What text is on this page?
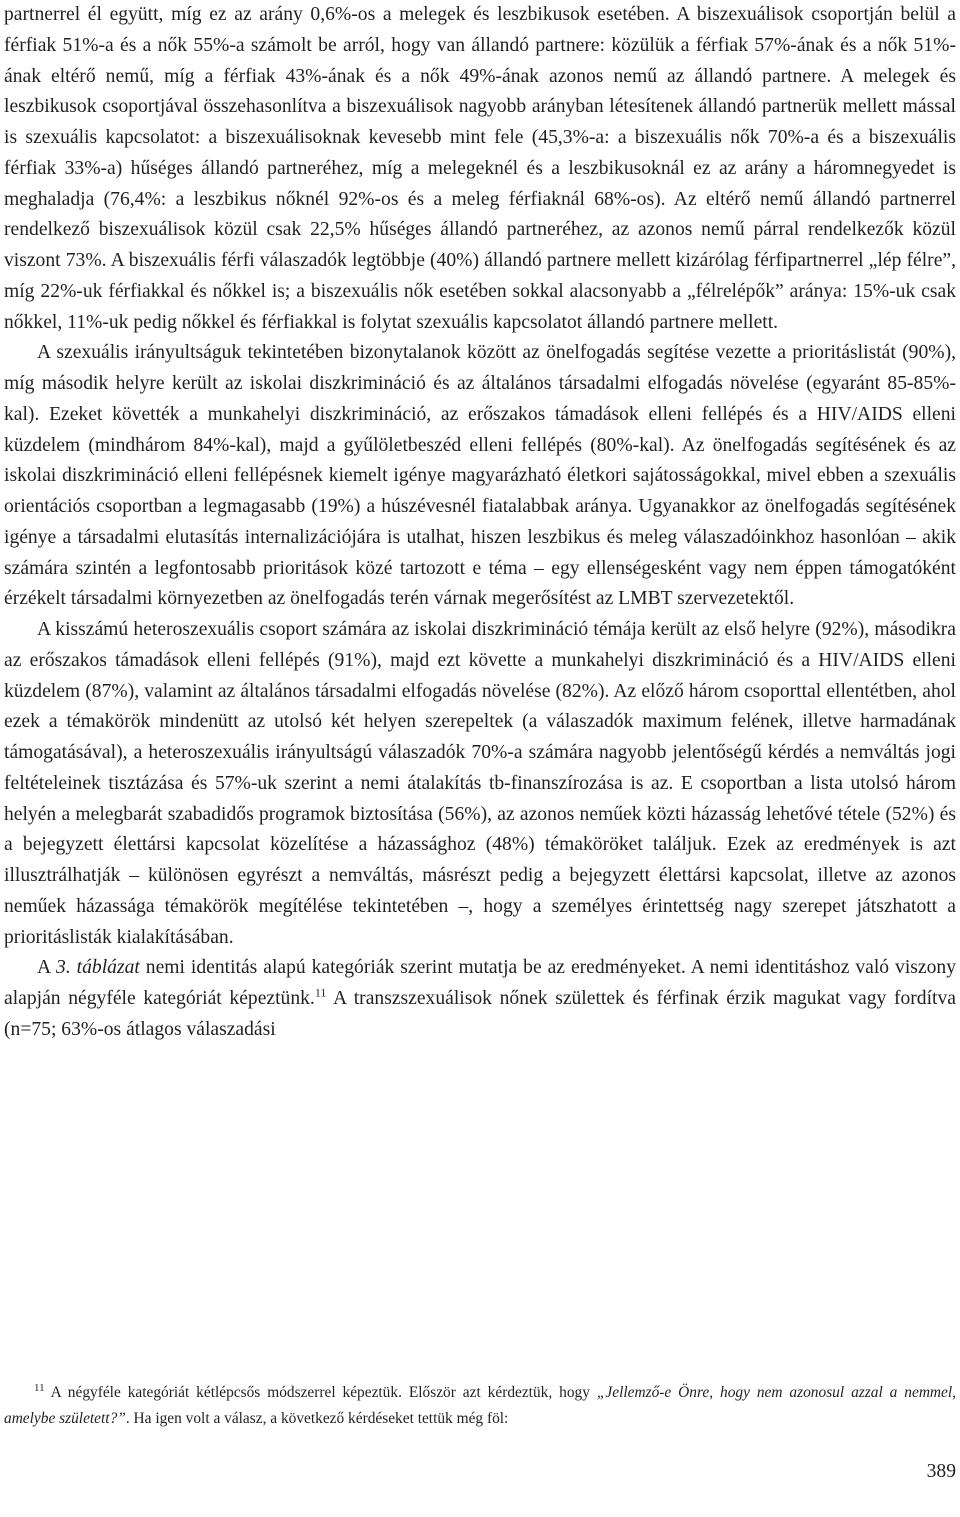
partnerrel él együtt, míg ez az arány 0,6%-os a melegek és leszbikusok esetében. A biszexuálisok csoportján belül a férfiak 51%-a és a nők 55%-a számolt be arról, hogy van állandó partnere: közülük a férfiak 57%-ának és a nők 51%-ának eltérő nemű, míg a férfiak 43%-ának és a nők 49%-ának azonos nemű az állandó partnere. A melegek és leszbikusok csoportjával összehasonlítva a biszexuálisok nagyobb arányban létesítenek állandó partnerük mellett mással is szexuális kapcsolatot: a biszexuálisoknak kevesebb mint fele (45,3%-a: a biszexuális nők 70%-a és a biszexuális férfiak 33%-a) hűséges állandó partneréhez, míg a melegeknél és a leszbikusoknál ez az arány a háromnegyedet is meghaladja (76,4%: a leszbikus nőknél 92%-os és a meleg férfiaknál 68%-os). Az eltérő nemű állandó partnerrel rendelkező biszexuálisok közül csak 22,5% hűséges állandó partneréhez, az azonos nemű párral rendelkezők közül viszont 73%. A biszexuális férfi válaszadók legtöbbje (40%) állandó partnere mellett kizárólag férfipartnerrel „lép félre”, míg 22%-uk férfiakkal és nőkkel is; a biszexuális nők esetében sokkal alacsonyabb a „félrelépők” aránya: 15%-uk csak nőkkel, 11%-uk pedig nőkkel és férfiakkal is folytat szexuális kapcsolatot állandó partnere mellett.

A szexuális irányultságuk tekintetében bizonytalanok között az önelfogadás segítése vezette a prioritáslistát (90%), míg második helyre került az iskolai diszkrimináció és az általános társadalmi elfogadás növelése (egyaránt 85-85%-kal). Ezeket követték a munkahelyi diszkrimináció, az erőszakos támadások elleni fellépés és a HIV/AIDS elleni küzdelem (mindhárom 84%-kal), majd a gyűlöletbeszéd elleni fellépés (80%-kal). Az önelfogadás segítésének és az iskolai diszkrimináció elleni fellépésnek kiemelt igénye magyarázható életkori sajátosságokkal, mivel ebben a szexuális orientációs csoportban a legmagasabb (19%) a húszévesnél fiatalabbak aránya. Ugyanakkor az önelfogadás segítésének igénye a társadalmi elutasítás internalizációjára is utalhat, hiszen leszbikus és meleg válaszadóinkhoz hasonlóan – akik számára szintén a legfontosabb prioritások közé tartozott e téma – egy ellenségesként vagy nem éppen támogatóként érzékelt társadalmi környezetben az önelfogadás terén várnak megerősítést az LMBT szervezetektől.

A kisszámú heteroszexuális csoport számára az iskolai diszkrimináció témája került az első helyre (92%), másodikra az erőszakos támadások elleni fellépés (91%), majd ezt követte a munkahelyi diszkrimináció és a HIV/AIDS elleni küzdelem (87%), valamint az általános társadalmi elfogadás növelése (82%). Az előző három csoporttal ellentétben, ahol ezek a témakörök mindenütt az utolsó két helyen szerepeltek (a válaszadók maximum felének, illetve harmadának támogatásával), a heteroszexuális irányultságú válaszadók 70%-a számára nagyobb jelentőségű kérdés a nemváltás jogi feltételeinek tisztázása és 57%-uk szerint a nemi átalakítás tb-finanszírozása is az. E csoportban a lista utolsó három helyén a melegbarát szabadidős programok biztosítása (56%), az azonos neműek közti házasság lehetővé tétele (52%) és a bejegyzett élettársi kapcsolat közelítése a házassághoz (48%) témaköröket találjuk. Ezek az eredmények is azt illusztrálhatják – különösen egyrészt a nemváltás, másrészt pedig a bejegyzett élettársi kapcsolat, illetve az azonos neműek házassága témakörök megítélése tekintetében –, hogy a személyes érintettség nagy szerepet játszhatott a prioritáslisták kialakításában.

A 3. táblázat nemi identitás alapú kategóriák szerint mutatja be az eredményeket. A nemi identitáshoz való viszony alapján négyféle kategóriát képeztünk.$^{11}$ A transzszexuálisok nőnek születtek és férfinak érzik magukat vagy fordítva (n=75; 63%-os átlagos válaszadási

$^{11}$ A négyféle kategóriát kétlépcsős módszerrel képeztük. Először azt kérdeztük, hogy „Jellemző-e Önre, hogy nem azonosul azzal a nemmel, amelybe született?”. Ha igen volt a válasz, a következő kérdéseket tettük még föl:
389
